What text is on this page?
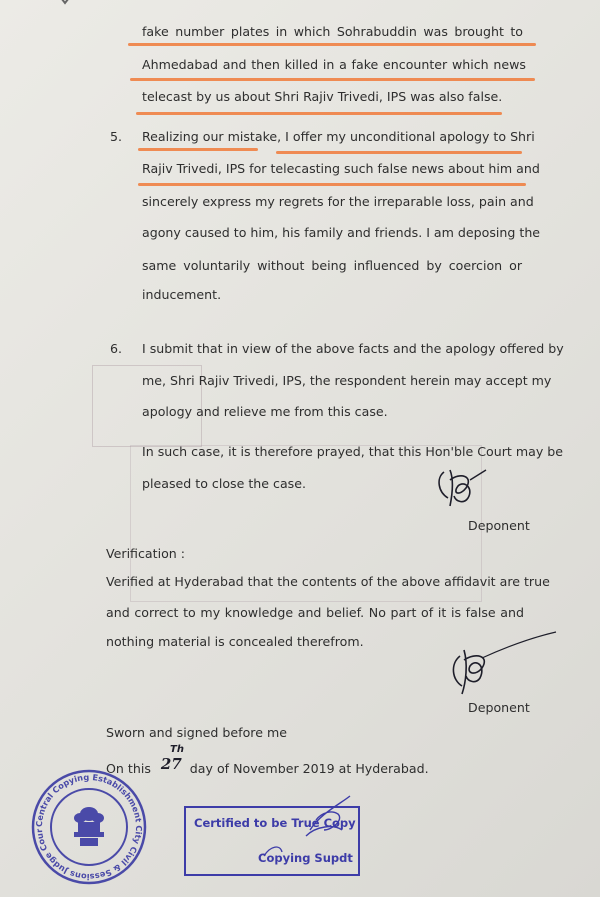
fake number plates in which Sohrabuddin was brought to
Ahmedabad and then killed in a fake encounter which news
telecast by us about Shri Rajiv Trivedi, IPS was also false.
5. Realizing our mistake, I offer my unconditional apology to Shri
Rajiv Trivedi, IPS for telecasting such false news about him and
sincerely express my regrets for the irreparable loss, pain and
agony caused to him, his family and friends. I am deposing the
same voluntarily without being influenced by coercion or
inducement.
6. I submit that in view of the above facts and the apology offered by
me, Shri Rajiv Trivedi, IPS, the respondent herein may accept my
apology and relieve me from this case.
In such case, it is therefore prayed, that this Hon'ble Court may be
pleased to close the case.
Deponent
Verification :
Verified at Hyderabad that the contents of the above affidavit are true
and correct to my knowledge and belief. No part of it is false and
nothing material is concealed therefrom.
Deponent
Sworn and signed before me
On this 27 day of November 2019 at Hyderabad.
Th
Central Copying Establishment City Civil & Sessions Judge Cour
Certified to be True Copy
Copying Supdt
